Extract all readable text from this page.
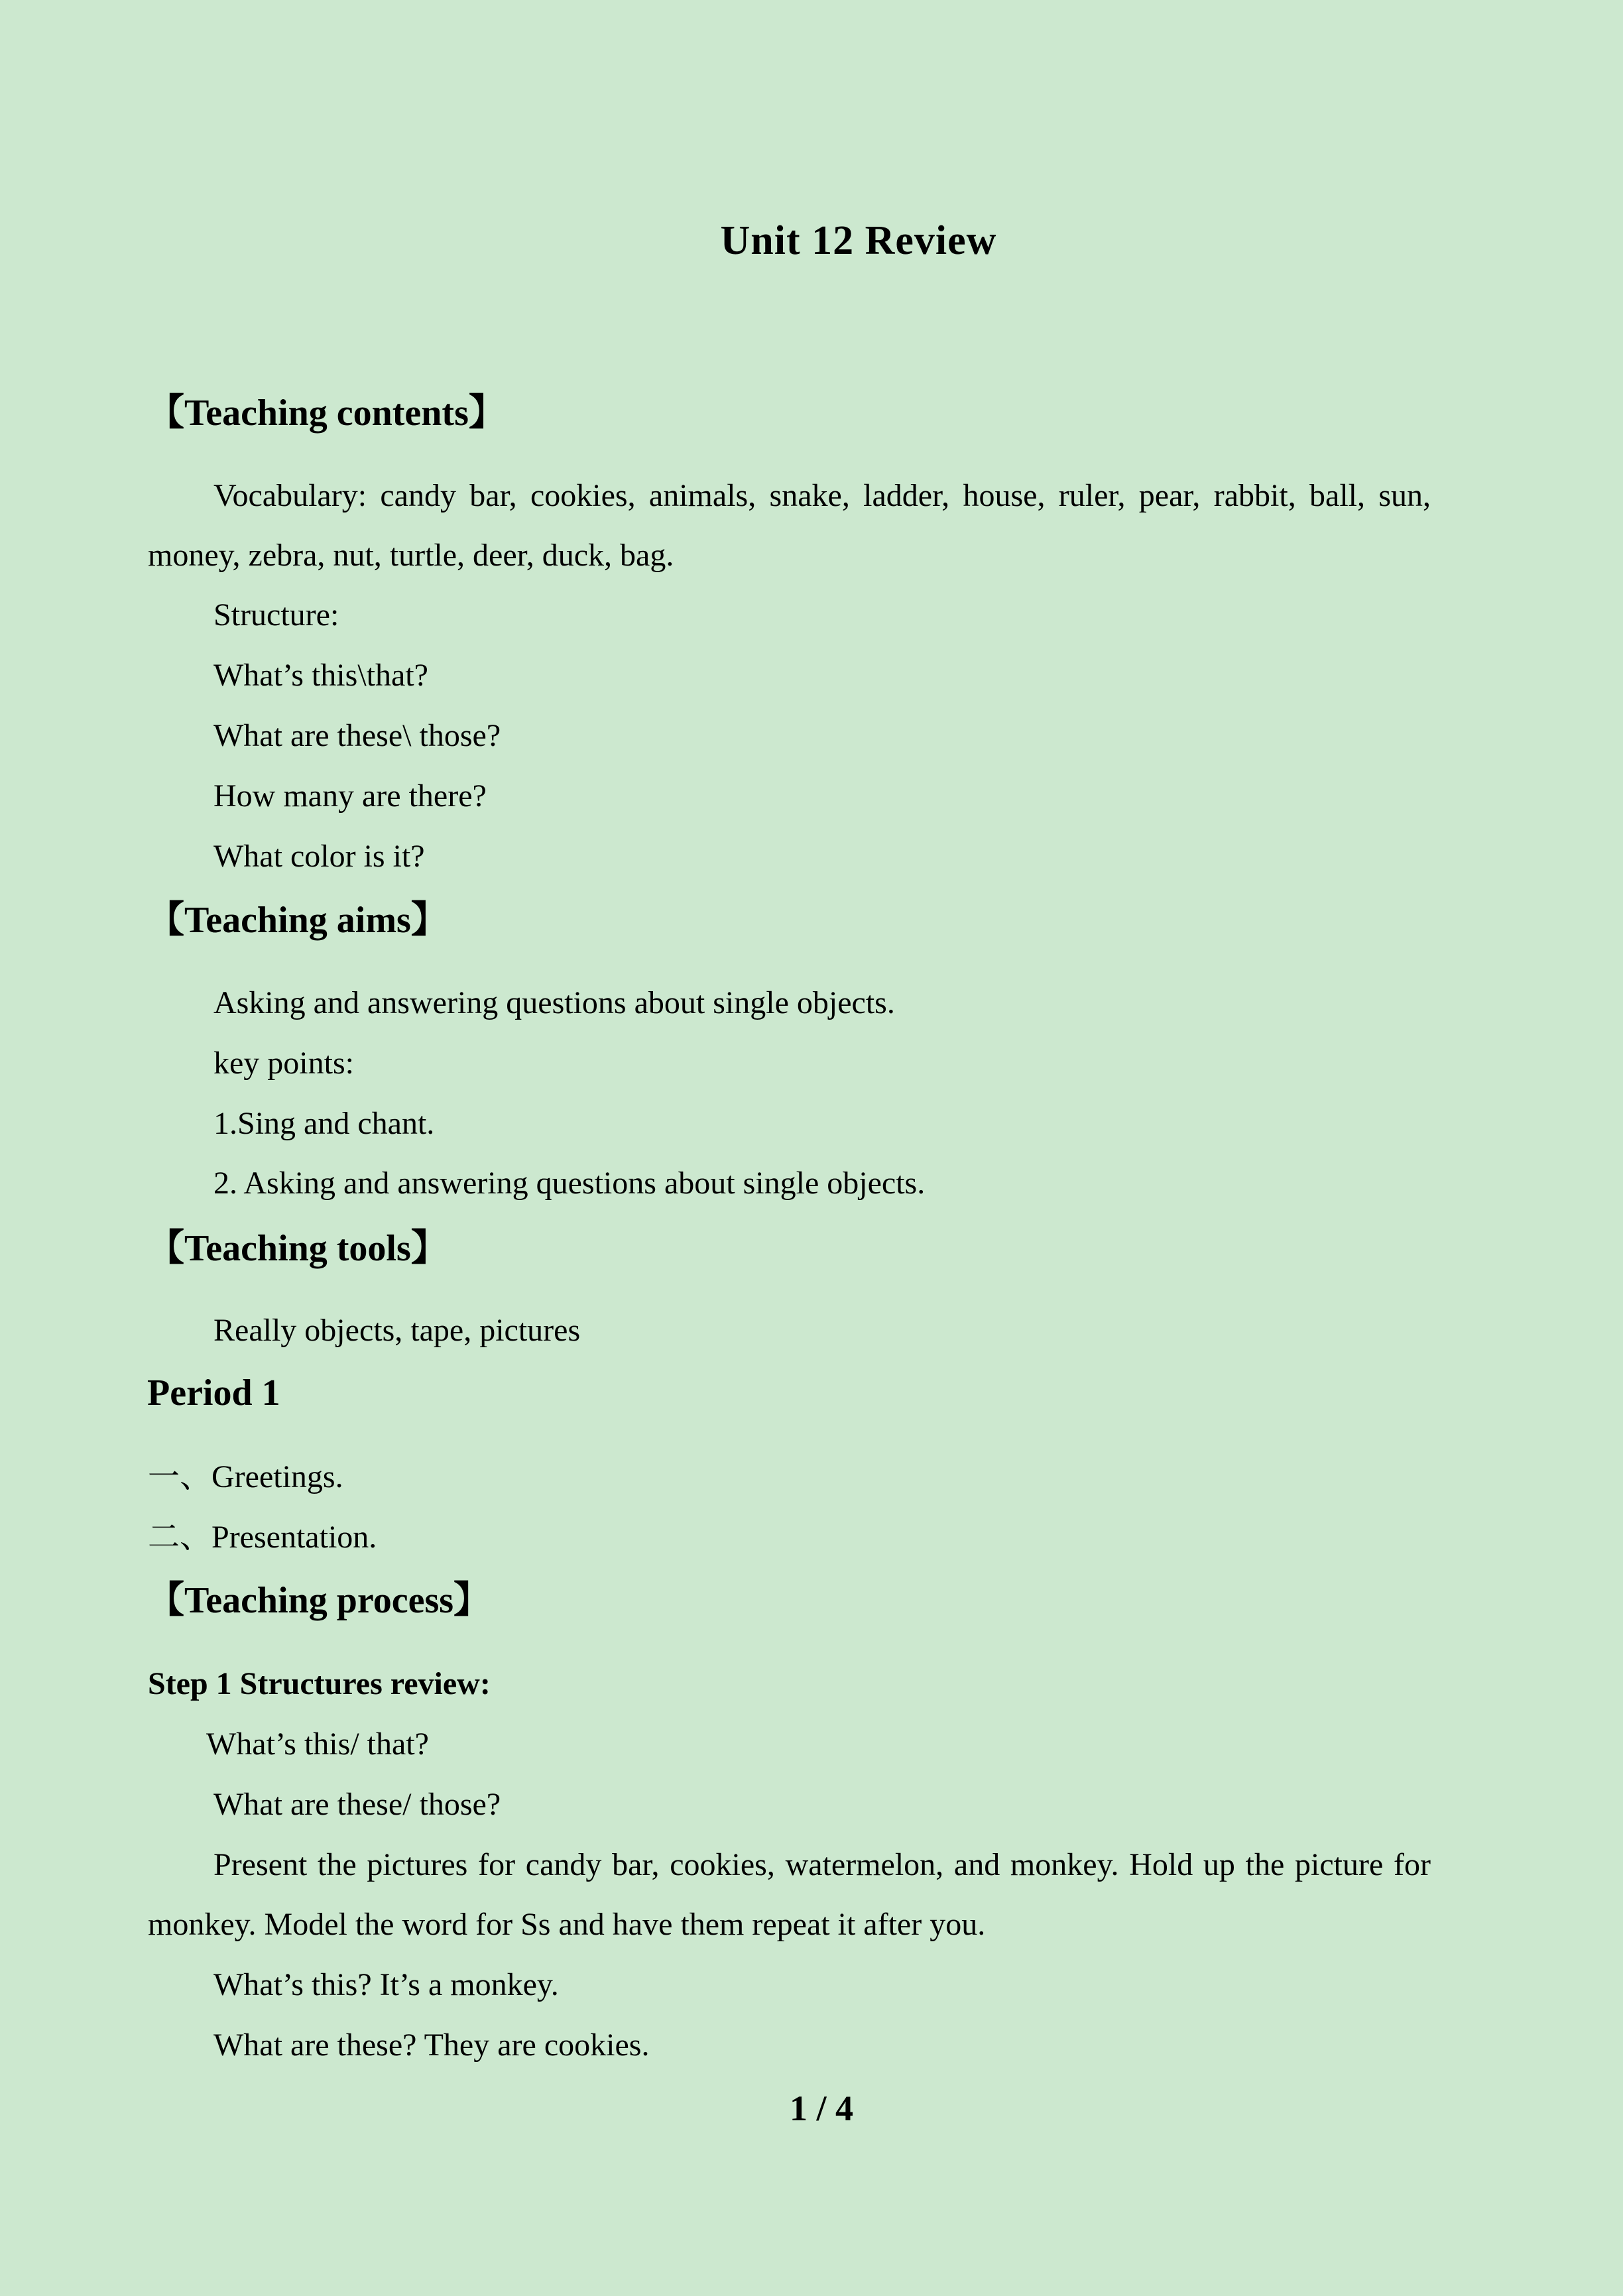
Unit 12 Review
【Teaching contents】
Vocabulary: candy bar, cookies, animals, snake, ladder, house, ruler, pear, rabbit, ball, sun, money, zebra, nut, turtle, deer, duck, bag.
Structure:
What’s this\that?
What are these\ those?
How many are there?
What color is it?
【Teaching aims】
Asking and answering questions about single objects.
key points:
1.Sing and chant.
2. Asking and answering questions about single objects.
【Teaching tools】
Really objects, tape, pictures
Period 1
一、Greetings.
二、Presentation.
【Teaching process】
Step 1 Structures review:
What’s this/ that?
What are these/ those?
Present the pictures for candy bar, cookies, watermelon, and monkey. Hold up the picture for monkey. Model the word for Ss and have them repeat it after you.
What’s this? It’s a monkey.
What are these? They are cookies.
1 / 4
